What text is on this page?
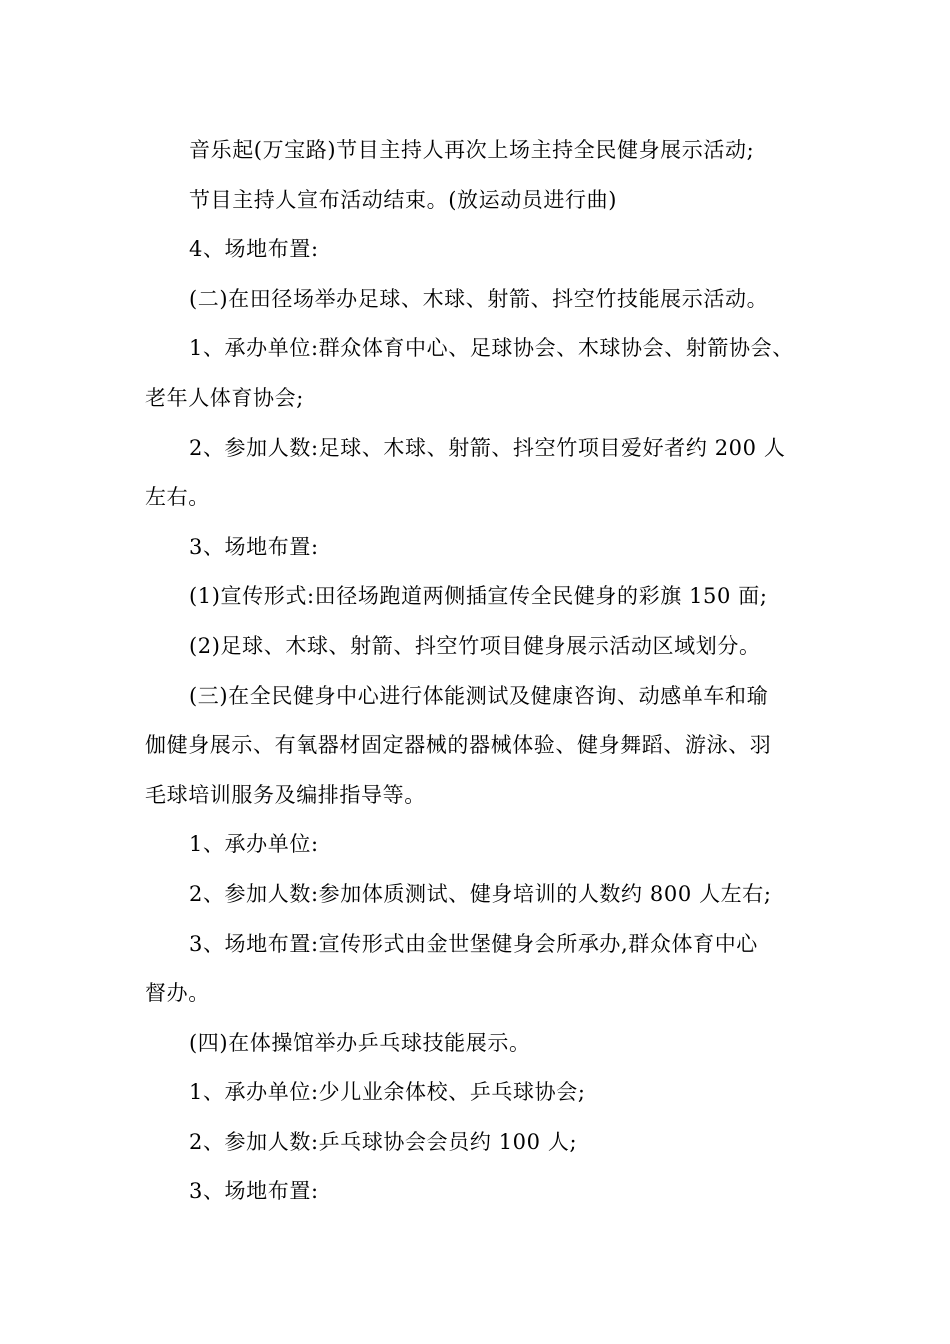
音乐起(万宝路)节目主持人再次上场主持全民健身展示活动;
节目主持人宣布活动结束。(放运动员进行曲)
4、场地布置:
(二)在田径场举办足球、木球、射箭、抖空竹技能展示活动。
1、承办单位:群众体育中心、足球协会、木球协会、射箭协会、
老年人体育协会;
2、参加人数:足球、木球、射箭、抖空竹项目爱好者约 200 人
左右。
3、场地布置:
(1)宣传形式:田径场跑道两侧插宣传全民健身的彩旗 150 面;
(2)足球、木球、射箭、抖空竹项目健身展示活动区域划分。
(三)在全民健身中心进行体能测试及健康咨询、动感单车和瑜
伽健身展示、有氧器材固定器械的器械体验、健身舞蹈、游泳、羽
毛球培训服务及编排指导等。
1、承办单位:
2、参加人数:参加体质测试、健身培训的人数约 800 人左右;
3、场地布置:宣传形式由金世堡健身会所承办,群众体育中心
督办。
(四)在体操馆举办乒乓球技能展示。
1、承办单位:少儿业余体校、乒乓球协会;
2、参加人数:乒乓球协会会员约 100 人;
3、场地布置:
